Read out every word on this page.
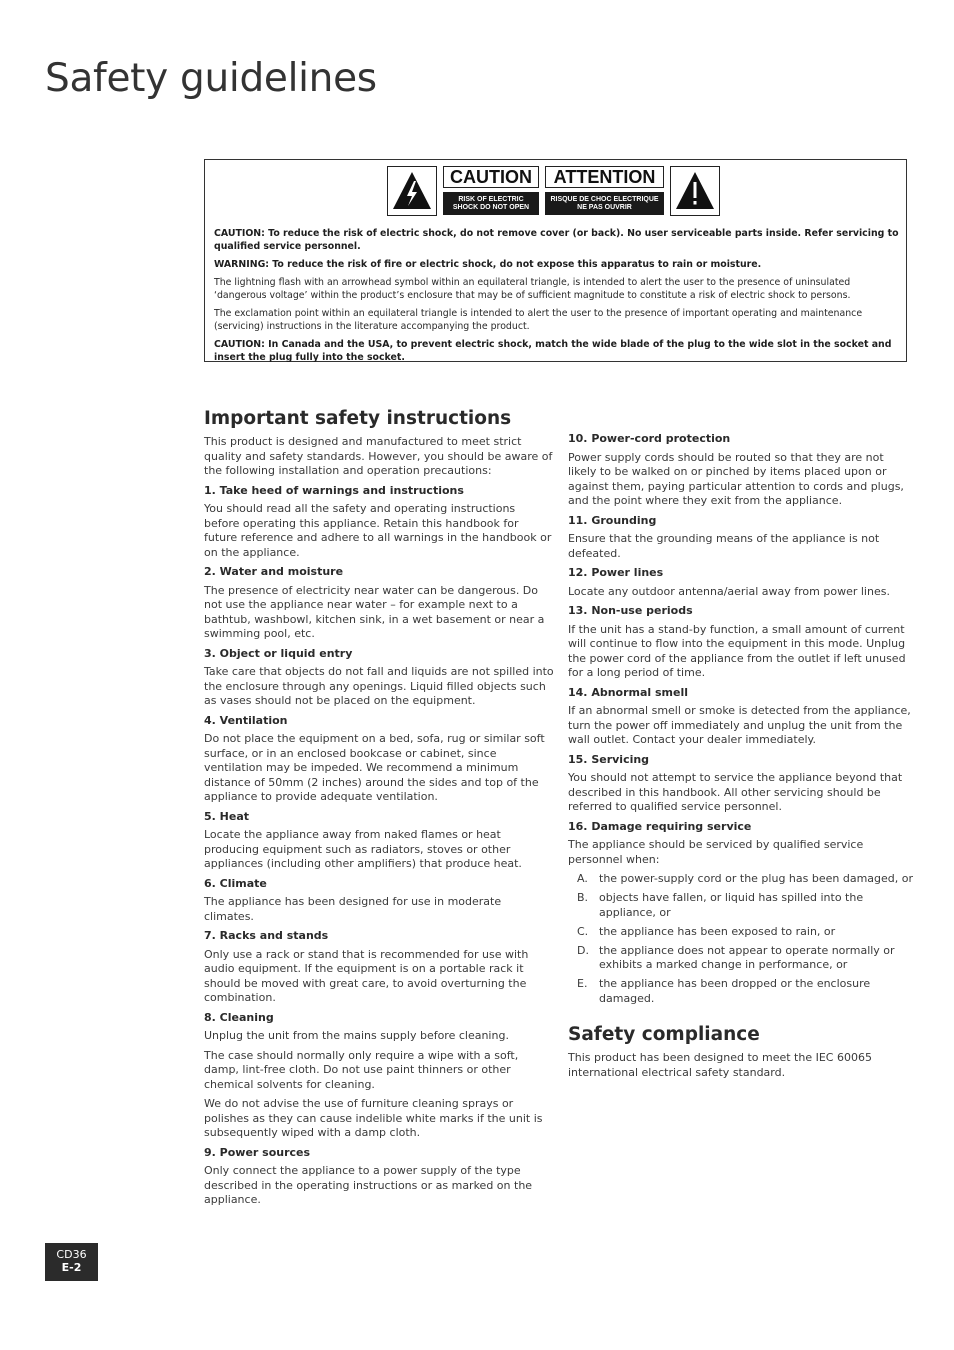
Safety guidelines
CAUTION
RISK OF ELECTRIC SHOCK DO NOT OPEN
ATTENTION
RISQUE DE CHOC ELECTRIQUE NE PAS OUVRIR

CAUTION: To reduce the risk of electric shock, do not remove cover (or back). No user serviceable parts inside. Refer servicing to qualified service personnel.

WARNING: To reduce the risk of fire or electric shock, do not expose this apparatus to rain or moisture.

The lightning flash with an arrowhead symbol within an equilateral triangle, is intended to alert the user to the presence of uninsulated ‘dangerous voltage’ within the product’s enclosure that may be of sufficient magnitude to constitute a risk of electric shock to persons.

The exclamation point within an equilateral triangle is intended to alert the user to the presence of important operating and maintenance (servicing) instructions in the literature accompanying the product.

CAUTION: In Canada and the USA, to prevent electric shock, match the wide blade of the plug to the wide slot in the socket and insert the plug fully into the socket.

Important safety instructions

This product is designed and manufactured to meet strict quality and safety standards. However, you should be aware of the following installation and operation precautions:

1. Take heed of warnings and instructions

You should read all the safety and operating instructions before operating this appliance. Retain this handbook for future reference and adhere to all warnings in the handbook or on the appliance.

2. Water and moisture

The presence of electricity near water can be dangerous. Do not use the appliance near water – for example next to a bathtub, washbowl, kitchen sink, in a wet basement or near a swimming pool, etc.

3. Object or liquid entry

Take care that objects do not fall and liquids are not spilled into the enclosure through any openings. Liquid filled objects such as vases should not be placed on the equipment.

4. Ventilation

Do not place the equipment on a bed, sofa, rug or similar soft surface, or in an enclosed bookcase or cabinet, since ventilation may be impeded. We recommend a minimum distance of 50mm (2 inches) around the sides and top of the appliance to provide adequate ventilation.

5. Heat

Locate the appliance away from naked flames or heat producing equipment such as radiators, stoves or other appliances (including other amplifiers) that produce heat.

6. Climate

The appliance has been designed for use in moderate climates.

7. Racks and stands

Only use a rack or stand that is recommended for use with audio equipment. If the equipment is on a portable rack it should be moved with great care, to avoid overturning the combination.

8. Cleaning

Unplug the unit from the mains supply before cleaning.

The case should normally only require a wipe with a soft, damp, lint-free cloth. Do not use paint thinners or other chemical solvents for cleaning.

We do not advise the use of furniture cleaning sprays or polishes as they can cause indelible white marks if the unit is subsequently wiped with a damp cloth.

9. Power sources

Only connect the appliance to a power supply of the type described in the operating instructions or as marked on the appliance.

10. Power-cord protection

Power supply cords should be routed so that they are not likely to be walked on or pinched by items placed upon or against them, paying particular attention to cords and plugs, and the point where they exit from the appliance.

11. Grounding

Ensure that the grounding means of the appliance is not defeated.

12. Power lines

Locate any outdoor antenna/aerial away from power lines.

13. Non-use periods

If the unit has a stand-by function, a small amount of current will continue to flow into the equipment in this mode. Unplug the power cord of the appliance from the outlet if left unused for a long period of time.

14. Abnormal smell

If an abnormal smell or smoke is detected from the appliance, turn the power off immediately and unplug the unit from the wall outlet. Contact your dealer immediately.

15. Servicing

You should not attempt to service the appliance beyond that described in this handbook. All other servicing should be referred to qualified service personnel.

16. Damage requiring service

The appliance should be serviced by qualified service personnel when:

A. the power-supply cord or the plug has been damaged, or
B. objects have fallen, or liquid has spilled into the appliance, or
C. the appliance has been exposed to rain, or
D. the appliance does not appear to operate normally or exhibits a marked change in performance, or
E. the appliance has been dropped or the enclosure damaged.
Safety compliance

This product has been designed to meet the IEC 60065 international electrical safety standard.

CD36
E-2
